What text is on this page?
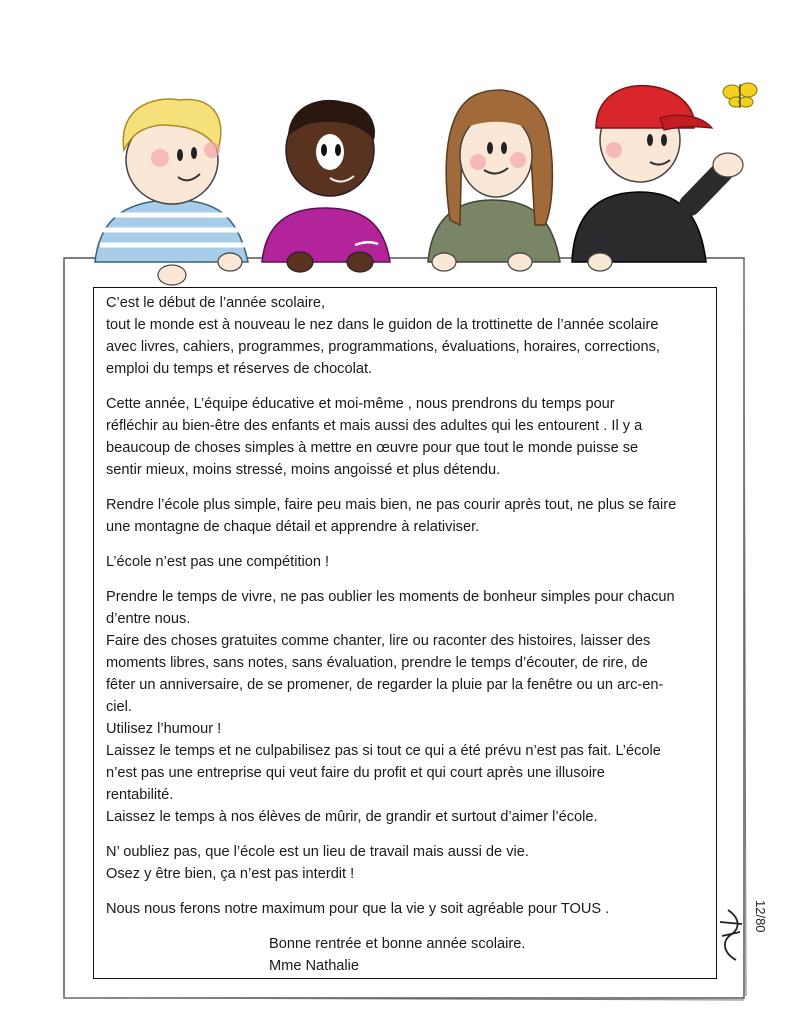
12/80

C’est le début de l’année scolaire,
tout le monde est à nouveau le nez dans le guidon de la trottinette de l’année scolaire
avec livres, cahiers, programmes, programmations, évaluations, horaires, corrections,
emploi du temps et réserves de chocolat.

Cette année, L’équipe éducative et moi-même , nous prendrons du temps pour
réfléchir au bien-être des enfants et mais aussi des adultes qui les entourent . Il y a
beaucoup de choses simples à mettre en œuvre pour que tout le monde puisse se
sentir mieux, moins stressé, moins angoissé et plus détendu.

Rendre l’école plus simple, faire peu mais bien, ne pas courir après tout, ne plus se faire
une montagne de chaque détail et apprendre à relativiser.

L’école n’est pas une compétition !

Prendre le temps de vivre, ne pas oublier les moments de bonheur simples pour chacun
d’entre nous.
Faire des choses gratuites comme chanter, lire ou raconter des histoires, laisser des
moments libres, sans notes, sans évaluation, prendre le temps d’écouter, de rire, de
fêter un anniversaire, de se promener, de regarder la pluie par la fenêtre ou un arc-en-
ciel.
Utilisez l’humour !
Laissez le temps et ne culpabilisez pas si tout ce qui a été prévu n’est pas fait. L’école
n’est pas une entreprise qui veut faire du profit et qui court après une illusoire
rentabilité.
Laissez le temps à nos élèves de mûrir, de grandir et surtout d’aimer l’école.

N’ oubliez pas, que l’école est un lieu de travail mais aussi de vie.
Osez y être bien, ça n’est pas interdit !

Nous nous ferons notre maximum pour que la vie y soit agréable pour TOUS .

Bonne rentrée et bonne année scolaire.
Mme Nathalie
